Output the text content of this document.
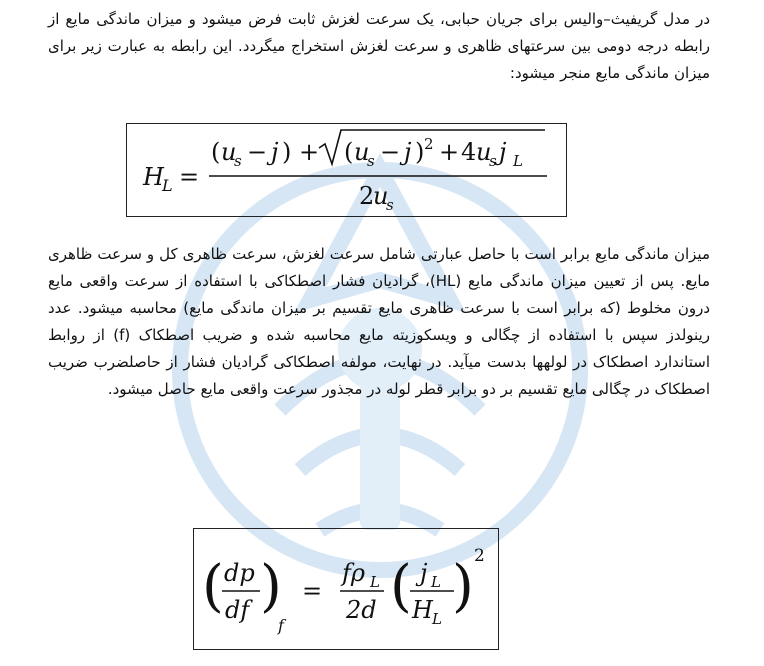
در مدل گریفیث–والیس برای جریان حبابی، یک سرعت لغزش ثابت فرض میشود و میزان ماندگی مایع از رابطه درجه دومی بین سرعتهای ظاهری و سرعت لغزش استخراج میگردد. این رابطه به عبارت زیر برای میزان ماندگی مایع منجر میشود:
H
L =
( u
s − j ) + ( u
s − j ) 2 + 4 u
s j L
2
u
s
میزان ماندگی مایع برابر است با حاصل عبارتی شامل سرعت لغزش، سرعت ظاهری کل و سرعت ظاهری مایع. پس از تعیین میزان ماندگی مایع (HL)، گرادیان فشار اصطکاکی با استفاده از سرعت واقعی مایع درون مخلوط (که برابر است با سرعت ظاهری مایع تقسیم بر میزان ماندگی مایع) محاسبه میشود. عدد رینولدز سپس با استفاده از چگالی و ویسکوزیته مایع محاسبه شده و ضریب اصطکاک (f) از روابط استاندارد اصطکاک در لولهها بدست میآید. در نهایت، مولفه اصطکاکی گرادیان فشار از حاصلضرب ضریب اصطکاک در چگالی مایع تقسیم بر دو برابر قطر لوله در مجذور سرعت واقعی مایع حاصل میشود.
( dp
df )
f
=
fρ L
2d ( j L
H L ) 2
